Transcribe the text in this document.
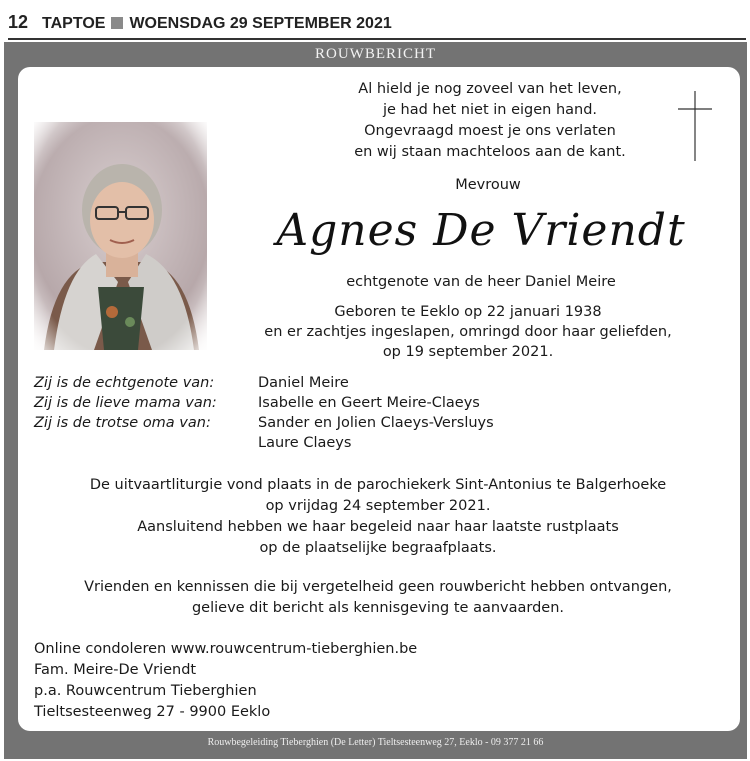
12 TAPTOE WOENSDAG 29 SEPTEMBER 2021
ROUWBERICHT
Al hield je nog zoveel van het leven,
je had het niet in eigen hand.
Ongevraagd moest je ons verlaten
en wij staan machteloos aan de kant.
Mevrouw
Agnes De Vriendt
echtgenote van de heer Daniel Meire
Geboren te Eeklo op 22 januari 1938
en er zachtjes ingeslapen, omringd door haar geliefden,
op 19 september 2021.
Zij is de echtgenote van:
Zij is de lieve mama van:
Zij is de trotse oma van:
Daniel Meire
Isabelle en Geert Meire-Claeys
Sander en Jolien Claeys-Versluys
Laure Claeys
De uitvaartliturgie vond plaats in de parochiekerk Sint-Antonius te Balgerhoeke
op vrijdag 24 september 2021.
Aansluitend hebben we haar begeleid naar haar laatste rustplaats
op de plaatselijke begraafplaats.
Vrienden en kennissen die bij vergetelheid geen rouwbericht hebben ontvangen,
gelieve dit bericht als kennisgeving te aanvaarden.
Online condoleren www.rouwcentrum-tieberghien.be
Fam. Meire-De Vriendt
p.a. Rouwcentrum Tieberghien
Tieltsesteenweg 27 - 9900 Eeklo
Rouwbegeleiding Tieberghien (De Letter) Tieltsesteenweg 27, Eeklo - 09 377 21 66
